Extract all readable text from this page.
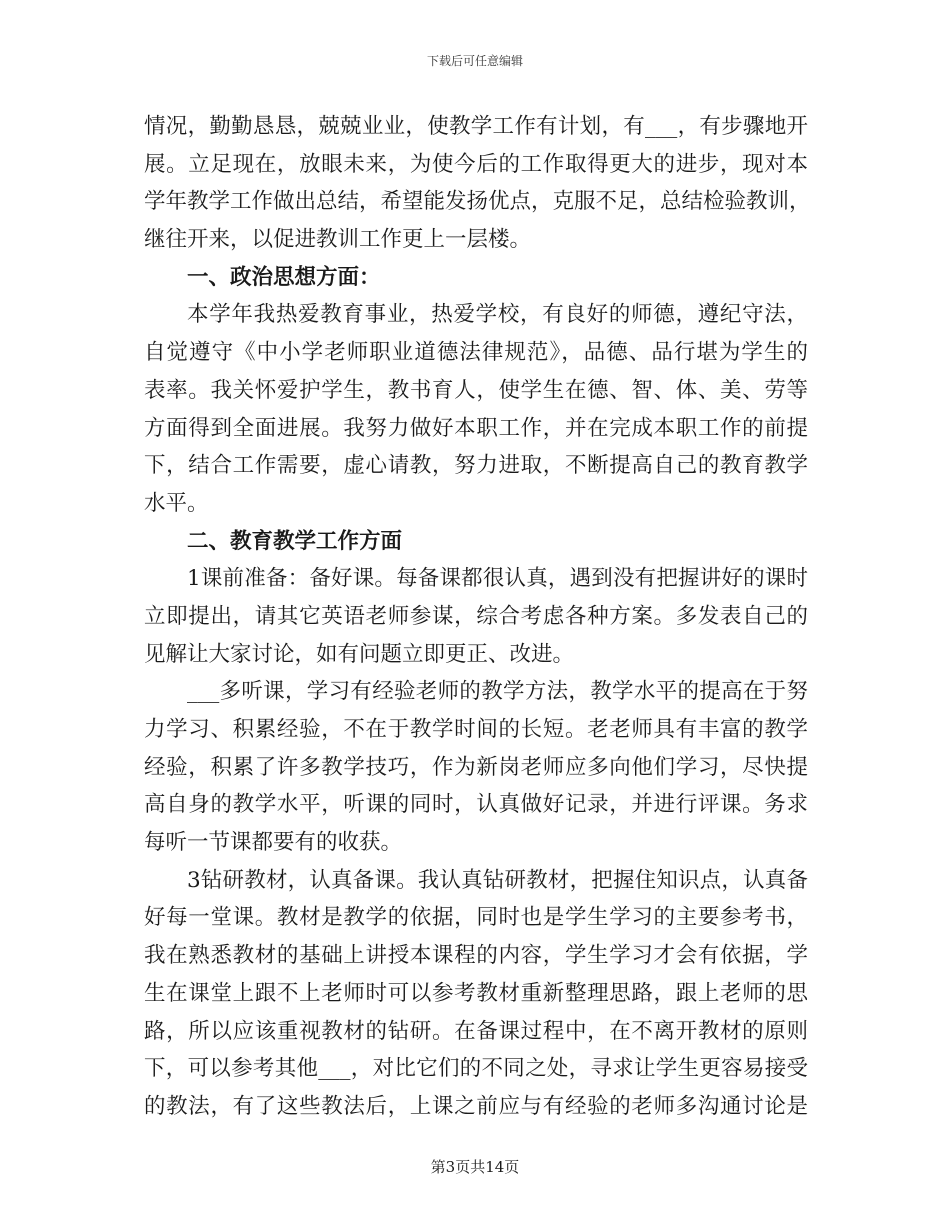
下载后可任意编辑
情况，勤勤恳恳，兢兢业业，使教学工作有计划，有___，有步骤地开
展。立足现在，放眼未来，为使今后的工作取得更大的进步，现对本
学年教学工作做出总结，希望能发扬优点，克服不足，总结检验教训，
继往开来，以促进教训工作更上一层楼。
一、政治思想方面：
本学年我热爱教育事业，热爱学校，有良好的师德，遵纪守法，
自觉遵守《中小学老师职业道德法律规范》，品德、品行堪为学生的
表率。我关怀爱护学生，教书育人，使学生在德、智、体、美、劳等
方面得到全面进展。我努力做好本职工作，并在完成本职工作的前提
下，结合工作需要，虚心请教，努力进取，不断提高自己的教育教学
水平。
二、教育教学工作方面
1课前准备：备好课。每备课都很认真，遇到没有把握讲好的课时
立即提出，请其它英语老师参谋，综合考虑各种方案。多发表自己的
见解让大家讨论，如有问题立即更正、改进。
___多听课，学习有经验老师的教学方法，教学水平的提高在于努
力学习、积累经验，不在于教学时间的长短。老老师具有丰富的教学
经验，积累了许多教学技巧，作为新岗老师应多向他们学习，尽快提
高自身的教学水平，听课的同时，认真做好记录，并进行评课。务求
每听一节课都要有的收获。
3钻研教材，认真备课。我认真钻研教材，把握住知识点，认真备
好每一堂课。教材是教学的依据，同时也是学生学习的主要参考书，
我在熟悉教材的基础上讲授本课程的内容，学生学习才会有依据，学
生在课堂上跟不上老师时可以参考教材重新整理思路，跟上老师的思
路，所以应该重视教材的钻研。在备课过程中，在不离开教材的原则
下，可以参考其他___，对比它们的不同之处，寻求让学生更容易接受
的教法，有了这些教法后，上课之前应与有经验的老师多沟通讨论是
第3页共14页
